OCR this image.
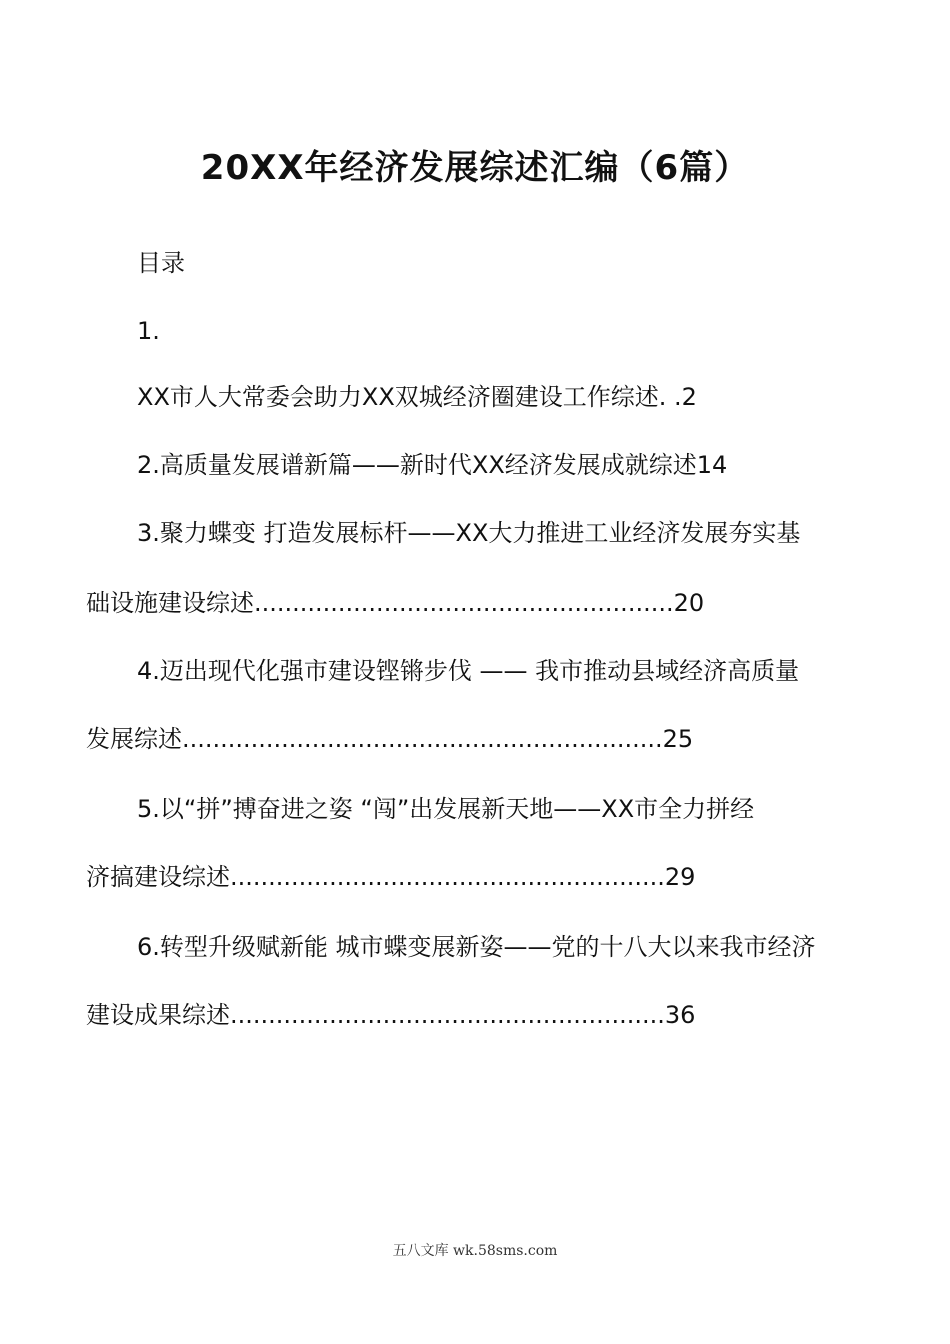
20XX年经济发展综述汇编（6篇）

目录

1.

XX市人大常委会助力XX双城经济圈建设工作综述. .2

2.高质量发展谱新篇——新时代XX经济发展成就综述14

3.聚力蝶变 打造发展标杆——XX大力推进工业经济发展夯实基

础设施建设综述.......................................................20

4.迈出现代化强市建设铿锵步伐 —— 我市推动县域经济高质量

发展综述...............................................................25

5.以“拼”搏奋进之姿 “闯”出发展新天地——XX市全力拼经

济搞建设综述.........................................................29

6.转型升级赋新能 城市蝶变展新姿——党的十八大以来我市经济

建设成果综述.........................................................36

五八文库 wk.58sms.com
